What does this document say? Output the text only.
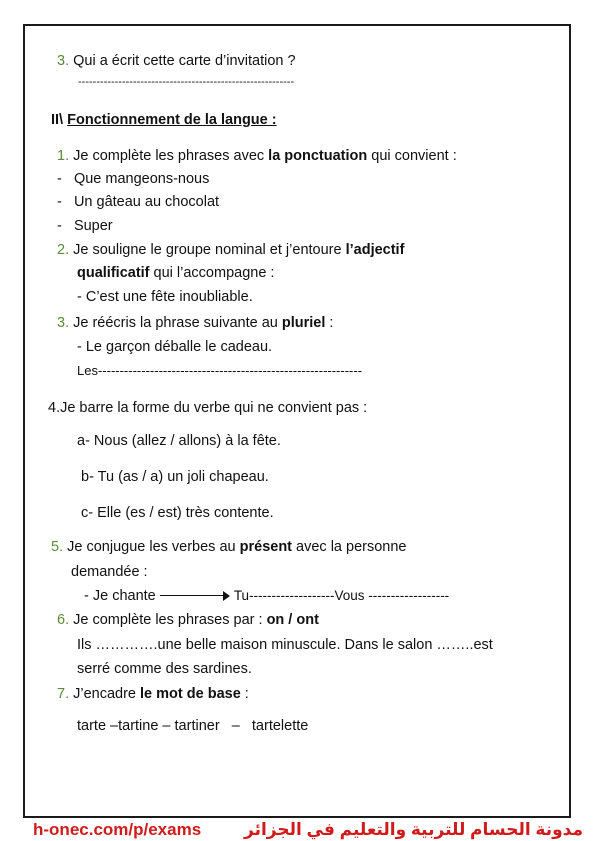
3. Qui a écrit cette carte d’invitation ?
-----------------------------------------------------------
II\ Fonctionnement de la langue :
1. Je complète les phrases avec la ponctuation qui convient :
- Que mangeons-nous
- Un gâteau au chocolat
- Super
2. Je souligne le groupe nominal et j’entoure l’adjectif
qualificatif qui l’accompagne :
- C’est une fête inoubliable.
3. Je réécris la phrase suivante au pluriel :
- Le garçon déballe le cadeau.
Les-------------------------------------------------------------
4.Je barre la forme du verbe qui ne convient pas :
a- Nous (allez / allons) à la fête.
b- Tu (as / a) un joli chapeau.
c- Elle (es / est) très contente.
5. Je conjugue les verbes au présent avec la personne
demandée :
- Je chante	Tu-------------------Vous ------------------
6. Je complète les phrases par : on / ont
Ils ………….une belle maison minuscule. Dans le salon ……..est
serré comme des sardines.
7. J’encadre le mot de base :
tarte –tartine – tartiner   –   tartelette
h-onec.com/p/exams	مدونة الحسام للتربية والتعليم في الجزائر
